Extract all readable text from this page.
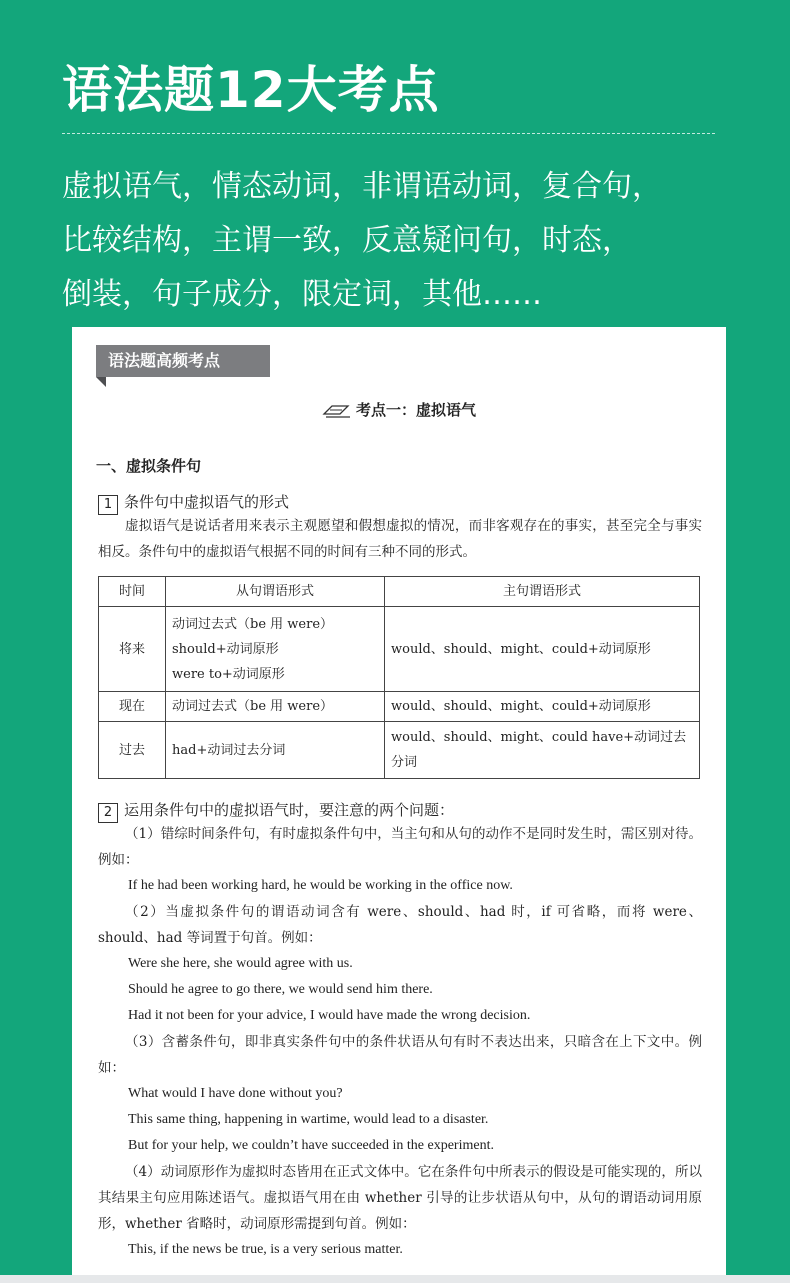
语法题12大考点
虚拟语气，情态动词，非谓语动词，复合句，
比较结构，主谓一致，反意疑问句，时态，
倒装，句子成分，限定词，其他……
语法题高频考点
考点一：虚拟语气
一、虚拟条件句
1 条件句中虚拟语气的形式
虚拟语气是说话者用来表示主观愿望和假想虚拟的情况，而非客观存在的事实，甚至完全与事实相反。条件句中的虚拟语气根据不同的时间有三种不同的形式。
时间	从句谓语形式	主句谓语形式
将来	动词过去式（be 用 were）
should+动词原形
were to+动词原形	would、should、might、could+动词原形
现在	动词过去式（be 用 were）	would、should、might、could+动词原形
过去	had+动词过去分词	would、should、might、could have+动词过去分词
2 运用条件句中的虚拟语气时，要注意的两个问题：
（1）错综时间条件句，有时虚拟条件句中，当主句和从句的动作不是同时发生时，需区别对待。例如：
If he had been working hard, he would be working in the office now.
（2）当虚拟条件句的谓语动词含有 were、should、had 时，if 可省略，而将 were、should、had 等词置于句首。例如：
Were she here, she would agree with us.
Should he agree to go there, we would send him there.
Had it not been for your advice, I would have made the wrong decision.
（3）含蓄条件句，即非真实条件句中的条件状语从句有时不表达出来，只暗含在上下文中。例如：
What would I have done without you?
This same thing, happening in wartime, would lead to a disaster.
But for your help, we couldn’t have succeeded in the experiment.
（4）动词原形作为虚拟时态皆用在正式文体中。它在条件句中所表示的假设是可能实现的，所以其结果主句应用陈述语气。虚拟语气用在由 whether 引导的让步状语从句中，从句的谓语动词用原形，whether 省略时，动词原形需提到句首。例如：
This, if the news be true, is a very serious matter.
